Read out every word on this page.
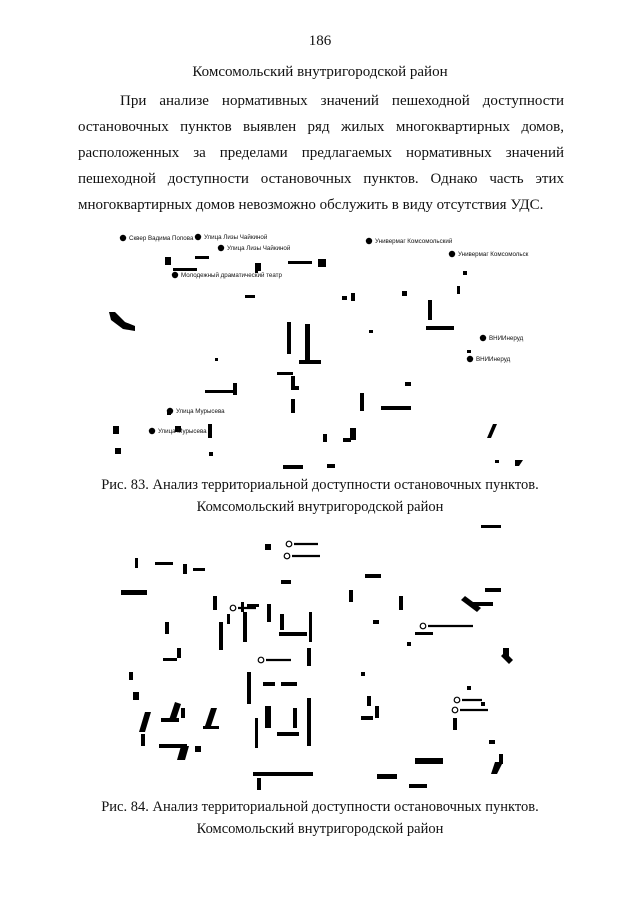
186
Комсомольский внутригородской район
При анализе нормативных значений пешеходной доступности
остановочных пунктов выявлен ряд жилых многоквартирных домов,
расположенных за пределами предлагаемых нормативных значений
пешеходной доступности остановочных пунктов. Однако часть этих
многоквартирных домов невозможно обслужить в виду отсутствия УДС.
Сквер Вадима Попова Улица Лизы Чайкиной
Улица Лизы Чайкиной
Универмаг Комсомольский
Универмаг Комсомольск
Молодежный драматический театр
ВНИИнеруд
ВНИИнеруд
Улица Мурысева
Улица Мурысева
Рис. 83. Анализ территориальной доступности остановочных пунктов.
Комсомольский внутригородской район
Рис. 84. Анализ территориальной доступности остановочных пунктов.
Комсомольский внутригородской район
